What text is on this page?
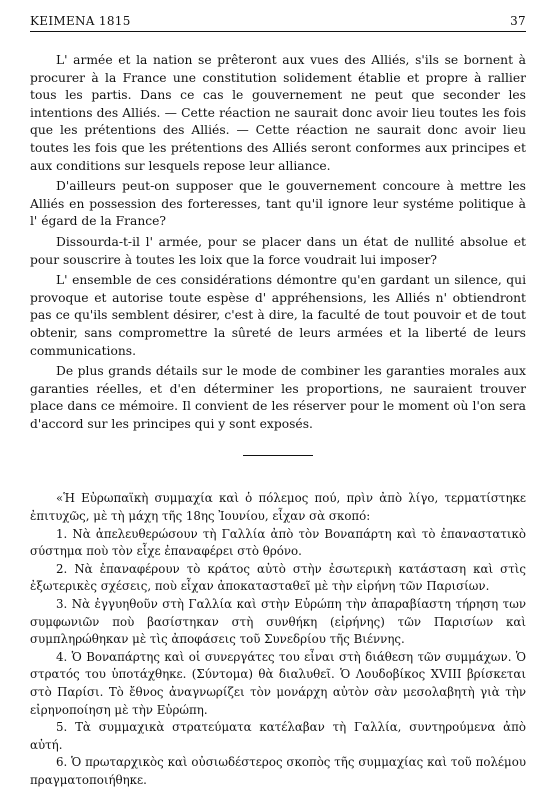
KEIMENA 1815	37

L' armée et la nation se prêteront aux vues des Alliés, s'ils se bornent à procurer à la France une constitution solidement établie et propre à rallier tous les partis. Dans ce cas le gouvernement ne peut que seconder les intentions des Alliés. — Cette réaction ne saurait donc avoir lieu toutes les fois que les prétentions des Alliés. — Cette réaction ne saurait donc avoir lieu toutes les fois que les prétentions des Alliés seront conformes aux principes et aux conditions sur lesquels repose leur alliance.

D'ailleurs peut-on supposer que le gouvernement concoure à mettre les Alliés en possession des forteresses, tant qu'il ignore leur systéme politique à l' égard de la France?

Dissourda-t-il l' armée, pour se placer dans un état de nullité absolue et pour souscrire à toutes les loix que la force voudrait lui imposer?

L' ensemble de ces considérations démontre qu'en gardant un silence, qui provoque et autorise toute espèse d' appréhensions, les Alliés n' obtiendront pas ce qu'ils semblent désirer, c'est à dire, la faculté de tout pouvoir et de tout obtenir, sans compromettre la sûreté de leurs armées et la liberté de leurs communications.

De plus grands détails sur le mode de combiner les garanties morales aux garanties réelles, et d'en déterminer les proportions, ne sauraient trouver place dans ce mémoire. Il convient de les réserver pour le moment où l'on sera d'accord sur les principes qui y sont exposés.

«Ἡ Εὐρωπαϊκὴ συμμαχία καὶ ὁ πόλεμος πού, πρὶν ἀπὸ λίγο, τερματίστηκε ἐπιτυχῶς, μὲ τὴ μάχη τῆς 18ης Ἰουνίου, εἶχαν σὰ σκοπό:

1. Νὰ ἀπελευθερώσουν τὴ Γαλλία ἀπὸ τὸν Βοναπάρτη καὶ τὸ ἐπαναστατικὸ σύστημα ποὺ τὸν εἶχε ἐπαναφέρει στὸ θρόνο.

2. Νὰ ἐπαναφέρουν τὸ κράτος αὐτὸ στὴν ἐσωτερικὴ κατάσταση καὶ στὶς ἐξωτερικὲς σχέσεις, ποὺ εἶχαν ἀποκατασταθεῖ μὲ τὴν εἰρήνη τῶν Παρισίων.

3. Νὰ ἐγγυηθοῦν στὴ Γαλλία καὶ στὴν Εὐρώπη τὴν ἀπαραβίαστη τήρηση των συμφωνιῶν ποὺ βασίστηκαν στὴ συνθήκη (εἰρήνης) τῶν Παρισίων καὶ συμπληρώθηκαν μὲ τὶς ἀποφάσεις τοῦ Συνεδρίου τῆς Βιέννης.

4. Ὁ Βοναπάρτης καὶ οἱ συνεργάτες του εἶναι στὴ διάθεση τῶν συμμάχων. Ὁ στρατός του ὑποτάχθηκε. (Σύντομα) θὰ διαλυθεῖ. Ὁ Λουδοβίκος XVIII βρίσκεται στὸ Παρίσι. Τὸ ἔθνος ἀναγνωρίζει τὸν μονάρχη αὐτὸν σὰν μεσολαβητὴ γιὰ τὴν εἰρηνοποίηση μὲ τὴν Εὐρώπη.

5. Τὰ συμμαχικὰ στρατεύματα κατέλαβαν τὴ Γαλλία, συντηρούμενα ἀπὸ αὐτή.

6. Ὁ πρωταρχικὸς καὶ οὐσιωδέστερος σκοπὸς τῆς συμμαχίας καὶ τοῦ πολέμου πραγματοποιήθηκε.
